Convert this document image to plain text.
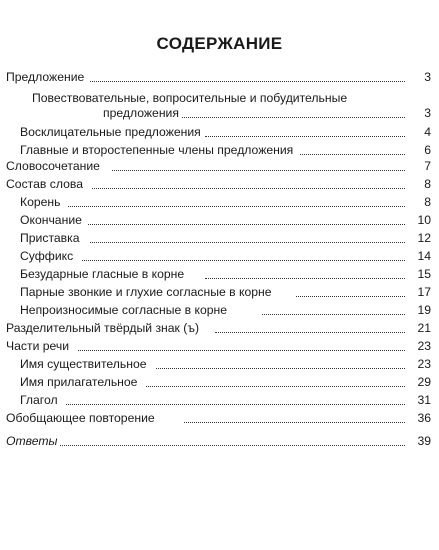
СОДЕРЖАНИЕ
Предложение	3
Повествовательные, вопросительные и побудительные
предложения	3
Восклицательные предложения	4
Главные и второстепенные члены предложения	6
Словосочетание	7
Состав слова	8
Корень	8
Окончание	10
Приставка	12
Суффикс	14
Безударные гласные в корне	15
Парные звонкие и глухие согласные в корне	17
Непроизносимые согласные в корне	19
Разделительный твёрдый знак (ъ)	21
Части речи	23
Имя существительное	23
Имя прилагательное	29
Глагол	31
Обобщающее повторение	36
Ответы	39
